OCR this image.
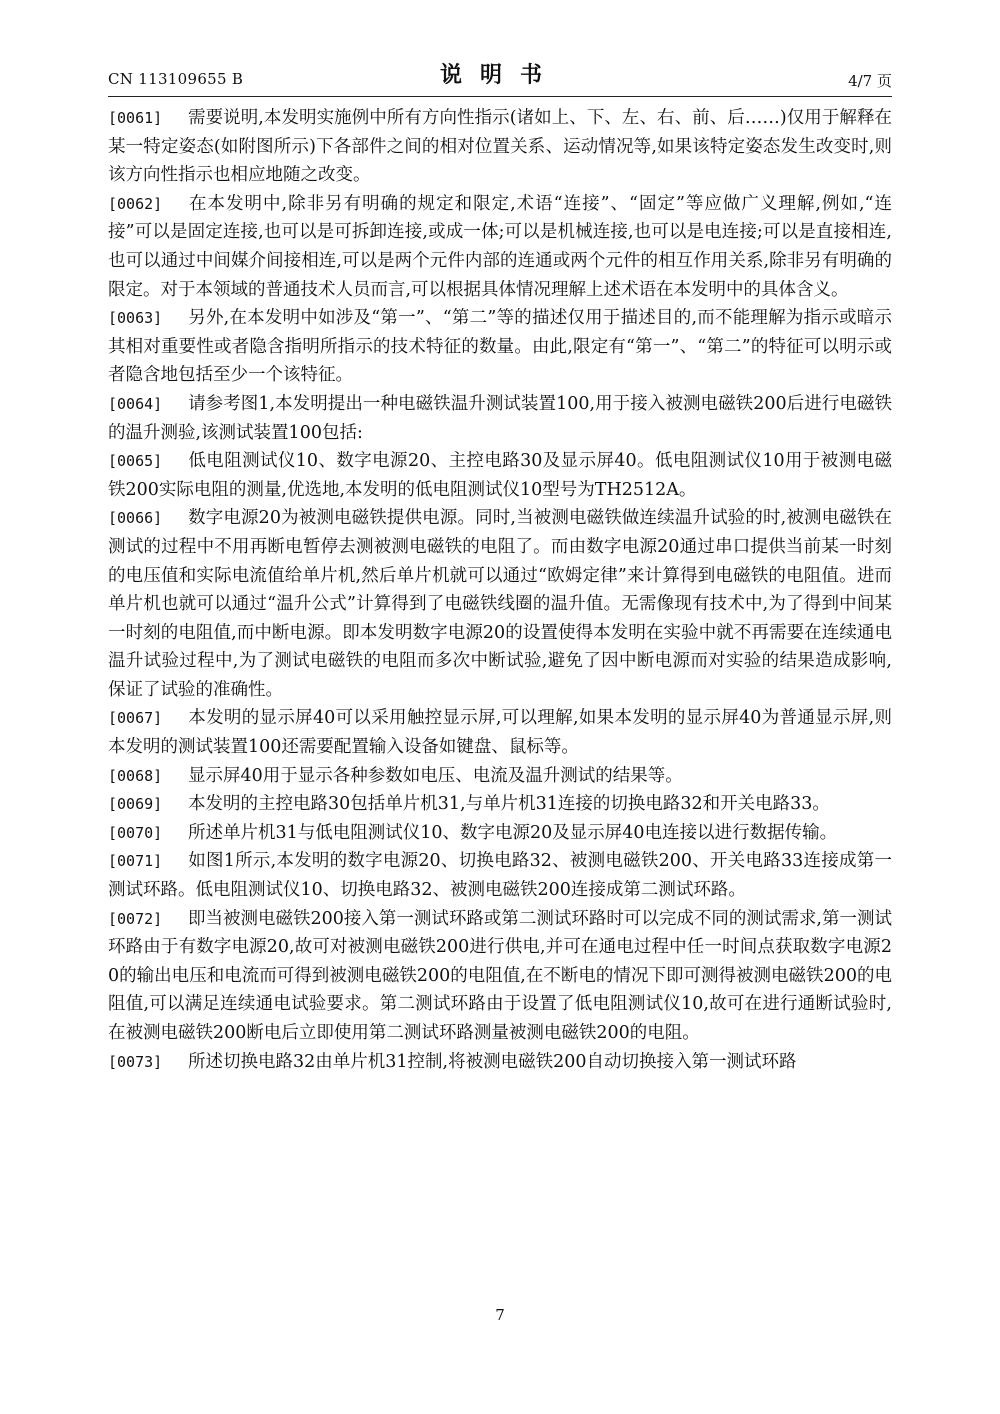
CN 113109655 B	说明书	4/7 页

[0061] 需要说明,本发明实施例中所有方向性指示(诸如上、下、左、右、前、后……)仅用于解释在某一特定姿态(如附图所示)下各部件之间的相对位置关系、运动情况等,如果该特定姿态发生改变时,则该方向性指示也相应地随之改变。

[0062] 在本发明中,除非另有明确的规定和限定,术语“连接”、“固定”等应做广义理解,例如,“连接”可以是固定连接,也可以是可拆卸连接,或成一体;可以是机械连接,也可以是电连接;可以是直接相连,也可以通过中间媒介间接相连,可以是两个元件内部的连通或两个元件的相互作用关系,除非另有明确的限定。对于本领域的普通技术人员而言,可以根据具体情况理解上述术语在本发明中的具体含义。

[0063] 另外,在本发明中如涉及“第一”、“第二”等的描述仅用于描述目的,而不能理解为指示或暗示其相对重要性或者隐含指明所指示的技术特征的数量。由此,限定有“第一”、“第二”的特征可以明示或者隐含地包括至少一个该特征。

[0064] 请参考图1,本发明提出一种电磁铁温升测试装置100,用于接入被测电磁铁200后进行电磁铁的温升测验,该测试装置100包括:

[0065] 低电阻测试仪10、数字电源20、主控电路30及显示屏40。低电阻测试仪10用于被测电磁铁200实际电阻的测量,优选地,本发明的低电阻测试仪10型号为TH2512A。

[0066] 数字电源20为被测电磁铁提供电源。同时,当被测电磁铁做连续温升试验的时,被测电磁铁在测试的过程中不用再断电暂停去测被测电磁铁的电阻了。而由数字电源20通过串口提供当前某一时刻的电压值和实际电流值给单片机,然后单片机就可以通过“欧姆定律”来计算得到电磁铁的电阻值。进而单片机也就可以通过“温升公式”计算得到了电磁铁线圈的温升值。无需像现有技术中,为了得到中间某一时刻的电阻值,而中断电源。即本发明数字电源20的设置使得本发明在实验中就不再需要在连续通电温升试验过程中,为了测试电磁铁的电阻而多次中断试验,避免了因中断电源而对实验的结果造成影响,保证了试验的准确性。

[0067] 本发明的显示屏40可以采用触控显示屏,可以理解,如果本发明的显示屏40为普通显示屏,则本发明的测试装置100还需要配置输入设备如键盘、鼠标等。

[0068] 显示屏40用于显示各种参数如电压、电流及温升测试的结果等。

[0069] 本发明的主控电路30包括单片机31,与单片机31连接的切换电路32和开关电路33。

[0070] 所述单片机31与低电阻测试仪10、数字电源20及显示屏40电连接以进行数据传输。

[0071] 如图1所示,本发明的数字电源20、切换电路32、被测电磁铁200、开关电路33连接成第一测试环路。低电阻测试仪10、切换电路32、被测电磁铁200连接成第二测试环路。

[0072] 即当被测电磁铁200接入第一测试环路或第二测试环路时可以完成不同的测试需求,第一测试环路由于有数字电源20,故可对被测电磁铁200进行供电,并可在通电过程中任一时间点获取数字电源20的输出电压和电流而可得到被测电磁铁200的电阻值,在不断电的情况下即可测得被测电磁铁200的电阻值,可以满足连续通电试验要求。第二测试环路由于设置了低电阻测试仪10,故可在进行通断试验时,在被测电磁铁200断电后立即使用第二测试环路测量被测电磁铁200的电阻。

[0073] 所述切换电路32由单片机31控制,将被测电磁铁200自动切换接入第一测试环路

7
